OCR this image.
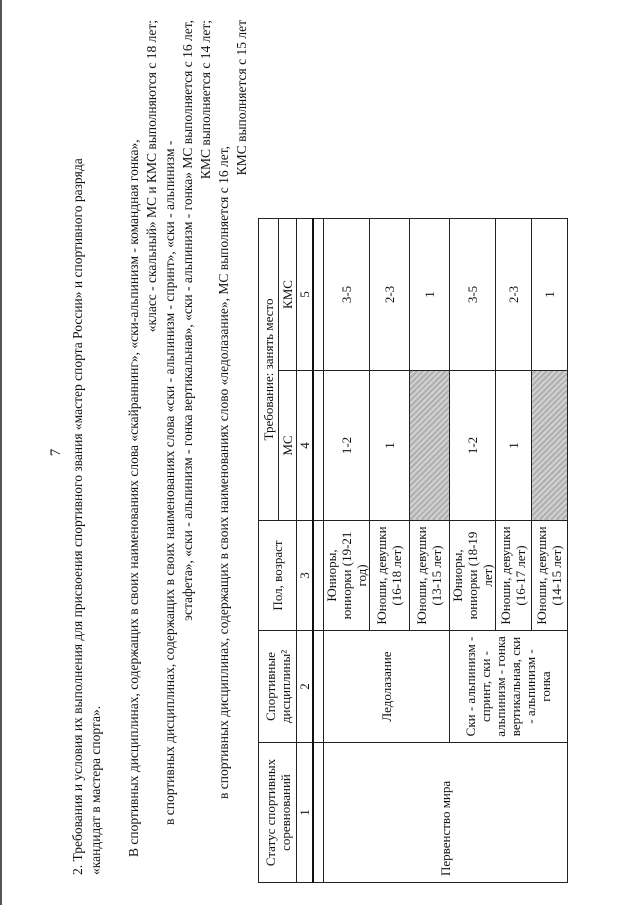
7 2. Требования и условия их выполнения для присвоения спортивного звания «мастер спорта России» и спортивного разряда «кандидат в мастера спорта». В спортивных дисциплинах, содержащих в своих наименованиях слова «скайраннинг», «ски-альпинизм - командная гонка», «класс - скальный» МС и КМС выполняются с 18 лет; в спортивных дисциплинах, содержащих в своих наименованиях слова «ски - альпинизм - спринт», «ски - альпинизм - эстафета», «ски - альпинизм - гонка вертикальная», «ски - альпинизм - гонка» МС выполняется с 16 лет, КМС выполняется с 14 лет;
в спортивных дисциплинах, содержащих в своих наименованиях слово «ледолазание», МС выполняется с 16 лет,
КМС выполняется с 15 лет
Статус спортивных соревнований	Спортивные дисциплины²	Пол, возраст	Требование: занять место	
			МС	КМС
1	2	3	4	5

Первенство мира	Ледолазание	Юниоры, юниорки (19-21 год)	1-2	3-5
		Юноши, девушки (16-18 лет)	1	2-3
		Юноши, девушки (13-15 лет)		1
	Ски - альпинизм - спринт, ски - альпинизм - гонка вертикальная, ски - альпинизм - гонка	Юниоры, юниорки (18-19 лет)	1-2	3-5
		Юноши, девушки (16-17 лет)	1	2-3
		Юноши, девушки (14-15 лет)		1
